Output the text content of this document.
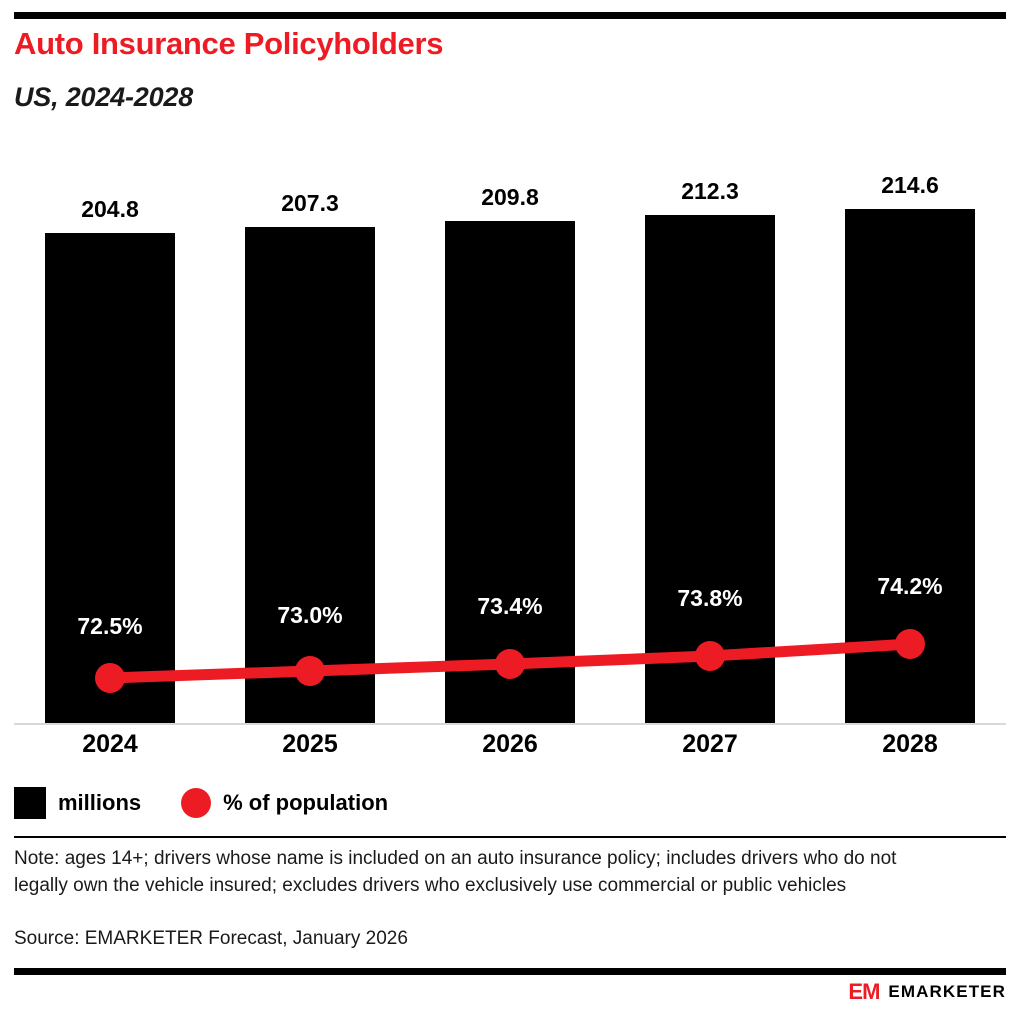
Auto Insurance Policyholders
US, 2024-2028
204.8	207.3	209.8	212.3	214.6
72.5%	73.0%	73.4%	73.8%	74.2%
2024	2025	2026	2027	2028
millions	% of population
Note: ages 14+; drivers whose name is included on an auto insurance policy; includes drivers who do not legally own the vehicle insured; excludes drivers who exclusively use commercial or public vehicles
Source: EMARKETER Forecast, January 2026
EM EMARKETER
